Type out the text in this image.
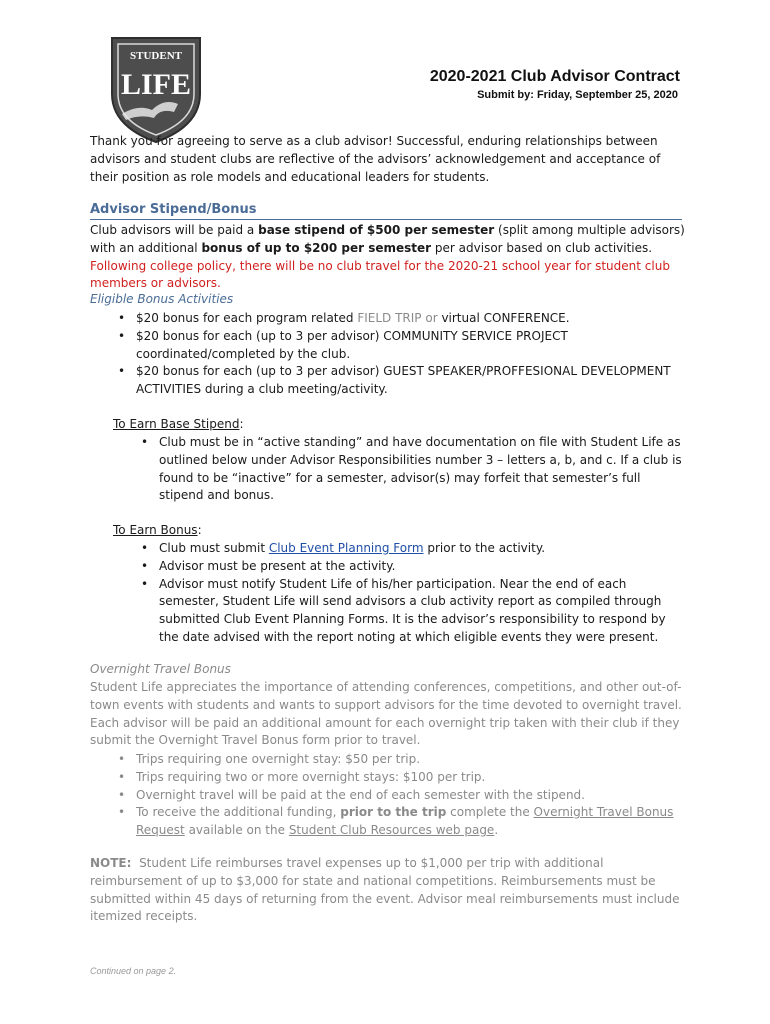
STUDENT
LIFE	2020-2021 Club Advisor Contract
Submit by: Friday, September 25, 2020

Thank you for agreeing to serve as a club advisor! Successful, enduring relationships between advisors and student clubs are reflective of the advisors’ acknowledgement and acceptance of their position as role models and educational leaders for students.

Advisor Stipend/Bonus

Club advisors will be paid a base stipend of $500 per semester (split among multiple advisors) with an additional bonus of up to $200 per semester per advisor based on club activities. Following college policy, there will be no club travel for the 2020-21 school year for student club members or advisors.

Eligible Bonus Activities
• $20 bonus for each program related FIELD TRIP or virtual CONFERENCE.
• $20 bonus for each (up to 3 per advisor) COMMUNITY SERVICE PROJECT coordinated/completed by the club.
• $20 bonus for each (up to 3 per advisor) GUEST SPEAKER/PROFFESIONAL DEVELOPMENT ACTIVITIES during a club meeting/activity.
To Earn Base Stipend:
• Club must be in “active standing” and have documentation on file with Student Life as outlined below under Advisor Responsibilities number 3 – letters a, b, and c. If a club is found to be “inactive” for a semester, advisor(s) may forfeit that semester’s full stipend and bonus.
To Earn Bonus:
• Club must submit Club Event Planning Form prior to the activity.
• Advisor must be present at the activity.
• Advisor must notify Student Life of his/her participation. Near the end of each semester, Student Life will send advisors a club activity report as compiled through submitted Club Event Planning Forms. It is the advisor’s responsibility to respond by the date advised with the report noting at which eligible events they were present.
Overnight Travel Bonus

Student Life appreciates the importance of attending conferences, competitions, and other out-of-town events with students and wants to support advisors for the time devoted to overnight travel. Each advisor will be paid an additional amount for each overnight trip taken with their club if they submit the Overnight Travel Bonus form prior to travel.

• Trips requiring one overnight stay: $50 per trip.
• Trips requiring two or more overnight stays: $100 per trip.
• Overnight travel will be paid at the end of each semester with the stipend.
• To receive the additional funding, prior to the trip complete the Overnight Travel Bonus Request available on the Student Club Resources web page.

NOTE:  Student Life reimburses travel expenses up to $1,000 per trip with additional reimbursement of up to $3,000 for state and national competitions. Reimbursements must be submitted within 45 days of returning from the event. Advisor meal reimbursements must include itemized receipts.

Continued on page 2.
